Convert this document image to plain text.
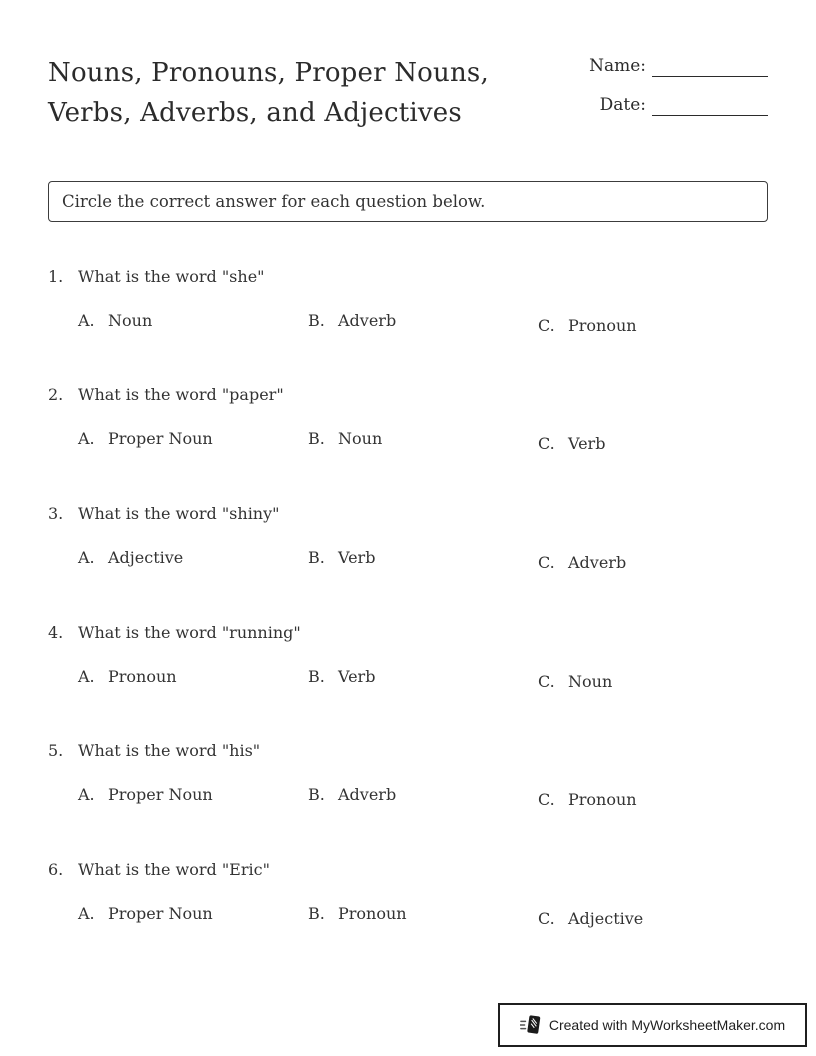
Nouns, Pronouns, Proper Nouns,
Verbs, Adverbs, and Adjectives
Name:
Date:
Circle the correct answer for each question below.
1. What is the word "she"
A. Noun	B. Adverb	C. Pronoun
2. What is the word "paper"
A. Proper Noun	B. Noun	C. Verb
3. What is the word "shiny"
A. Adjective	B. Verb	C. Adverb
4. What is the word "running"
A. Pronoun	B. Verb	C. Noun
5. What is the word "his"
A. Proper Noun	B. Adverb	C. Pronoun
6. What is the word "Eric"
A. Proper Noun	B. Pronoun	C. Adjective
Created with MyWorksheetMaker.com
